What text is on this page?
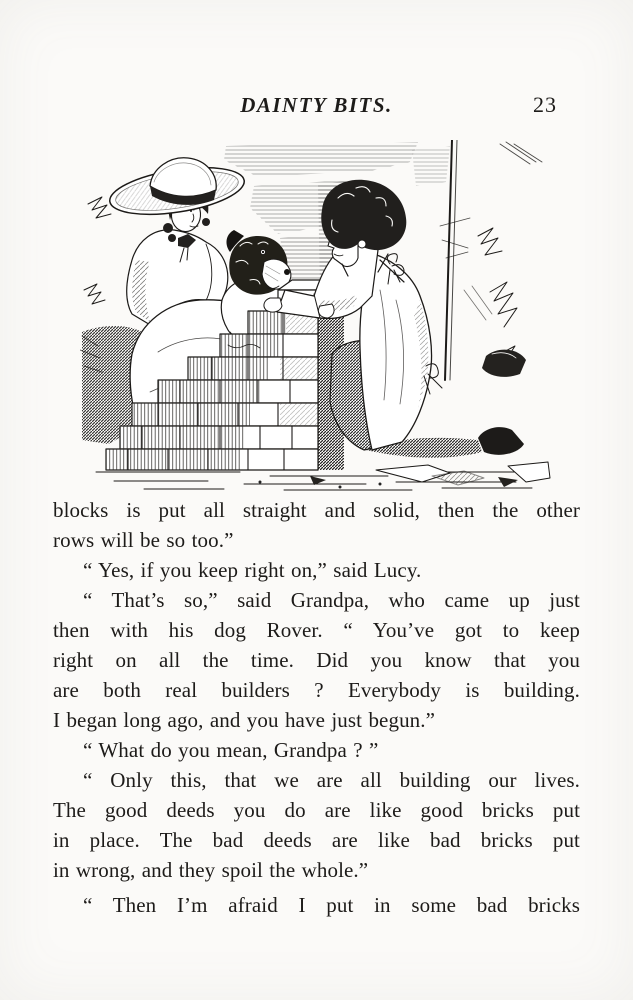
DAINTY BITS.	23
blocks is put all straight and solid, then the other
rows will be so too.”
“ Yes, if you keep right on,” said Lucy.
“ That’s so,” said Grandpa, who came up just
then with his dog Rover. “ You’ve got to keep
right on all the time. Did you know that you
are both real builders ? Everybody is building.
I began long ago, and you have just begun.”
“ What do you mean, Grandpa ? ”
“ Only this, that we are all building our lives.
The good deeds you do are like good bricks put
in place. The bad deeds are like bad bricks put
in wrong, and they spoil the whole.”
“ Then I’m afraid I put in some bad bricks
